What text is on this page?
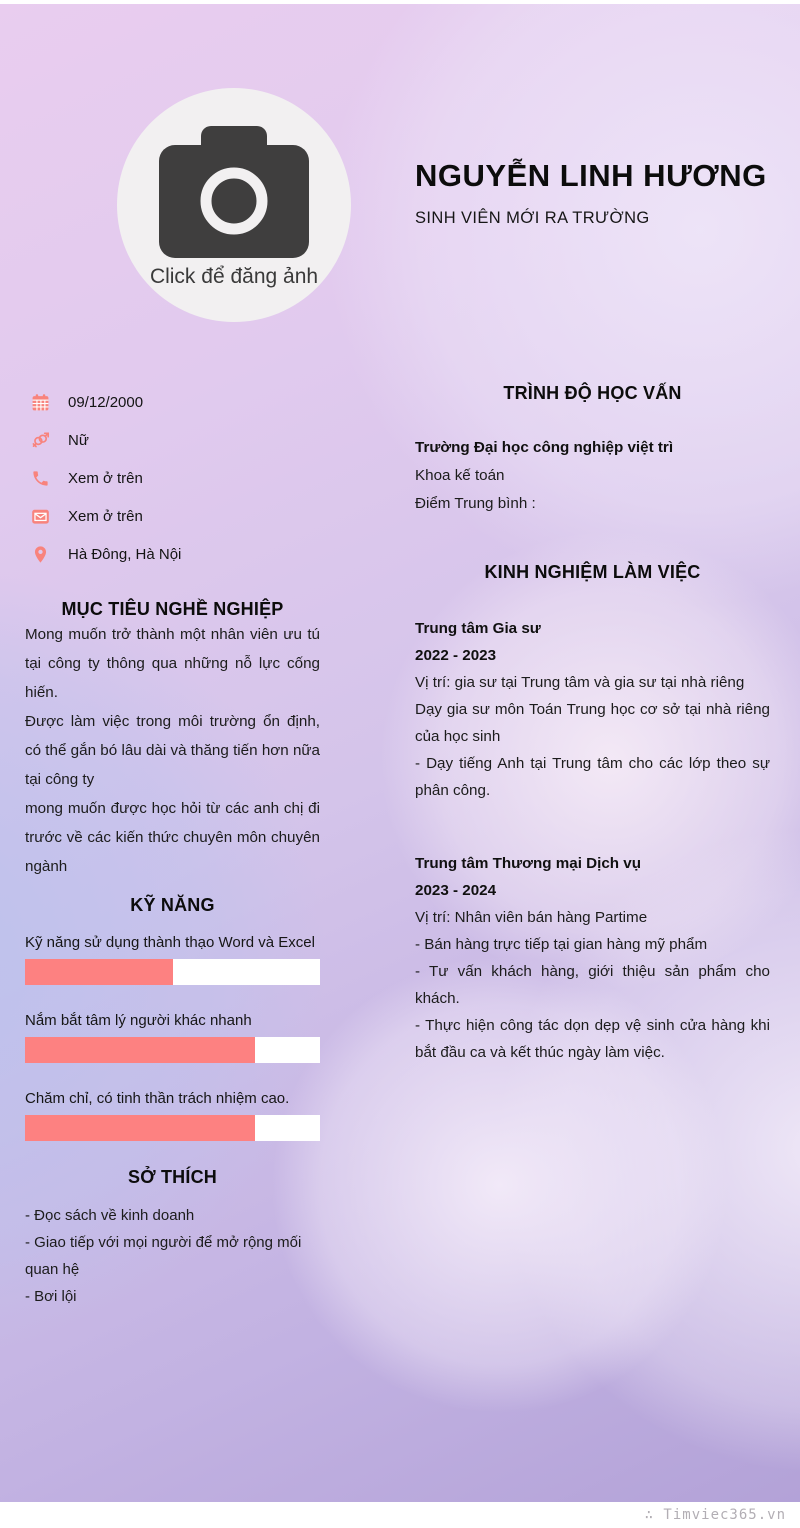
Click để đăng ảnh
NGUYỄN LINH HƯƠNG
SINH VIÊN MỚI RA TRƯỜNG
09/12/2000
Nữ
Xem ở trên
Xem ở trên
Hà Đông, Hà Nội
MỤC TIÊU NGHỀ NGHIỆP

Mong muốn trở thành một nhân viên ưu tú tại công ty thông qua những nỗ lực cống hiến.

Được làm việc trong môi trường ổn định, có thể gắn bó lâu dài và thăng tiến hơn nữa tại công ty

mong muốn được học hỏi từ các anh chị đi trước về các kiến thức chuyên môn chuyên ngành

KỸ NĂNG
Kỹ năng sử dụng thành thạo Word và Excel
Nắm bắt tâm lý người khác nhanh
Chăm chỉ, có tinh thần trách nhiệm cao.
SỞ THÍCH
- Đọc sách về kinh doanh
- Giao tiếp với mọi người để mở rộng mối quan hệ
- Bơi lội
TRÌNH ĐỘ HỌC VẤN
Trường Đại học công nghiệp việt trì
Khoa kế toán
Điểm Trung bình :
KINH NGHIỆM LÀM VIỆC
Trung tâm Gia sư
2022 - 2023
Vị trí: gia sư tại Trung tâm và gia sư tại nhà riêng
Dạy gia sư môn Toán Trung học cơ sở tại nhà riêng của học sinh
- Dạy tiếng Anh tại Trung tâm cho các lớp theo sự phân công.
Trung tâm Thương mại Dịch vụ
2023 - 2024
Vị trí: Nhân viên bán hàng Partime
- Bán hàng trực tiếp tại gian hàng mỹ phẩm
- Tư vấn khách hàng, giới thiệu sản phẩm cho khách.
- Thực hiện công tác dọn dẹp vệ sinh cửa hàng khi bắt đầu ca và kết thúc ngày làm việc.
∴ Timviec365.vn
